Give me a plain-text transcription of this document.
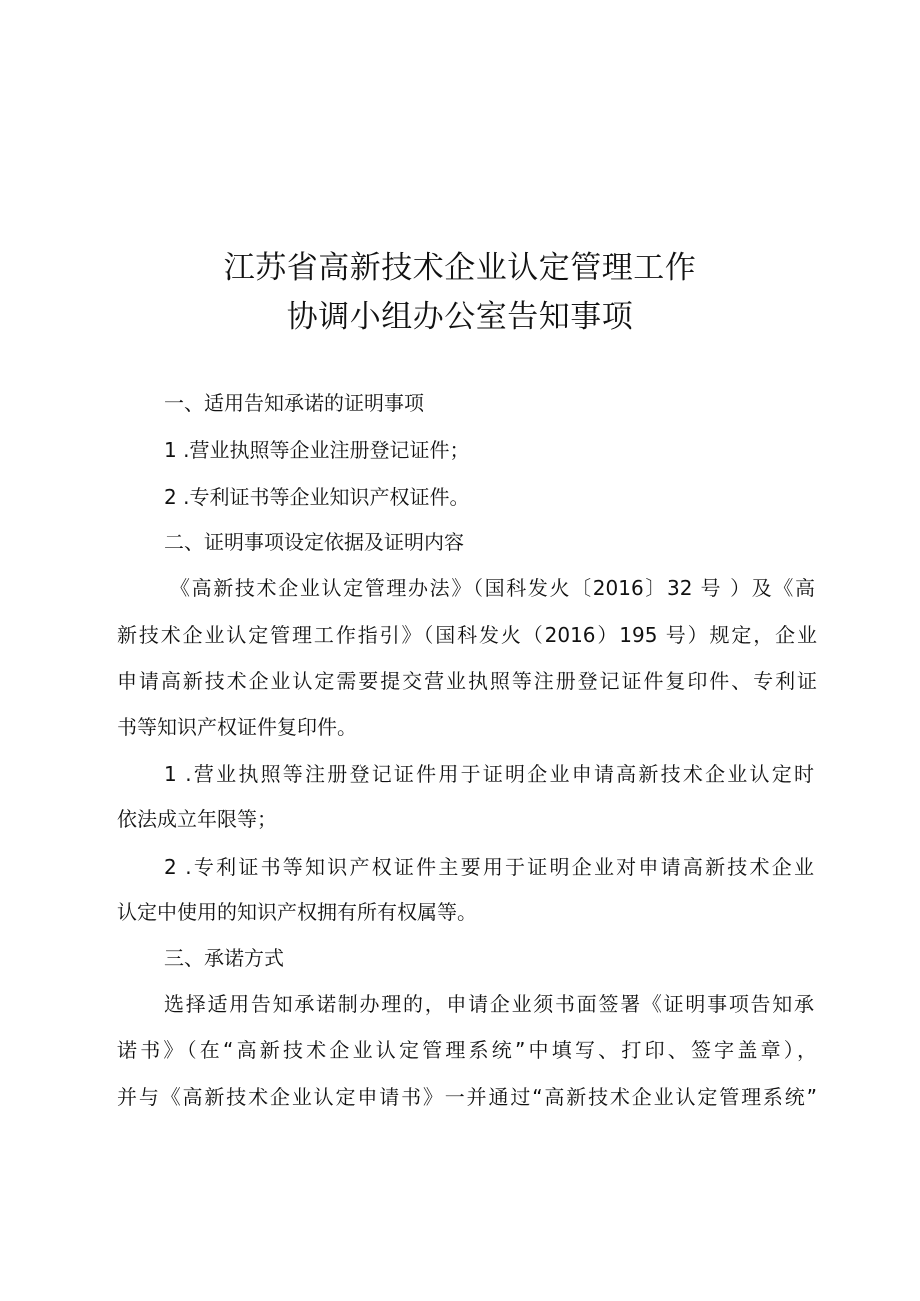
江苏省高新技术企业认定管理工作
协调小组办公室告知事项
一、适用告知承诺的证明事项
1 .营业执照等企业注册登记证件；
2 .专利证书等企业知识产权证件。
二、证明事项设定依据及证明内容
《高新技术企业认定管理办法》（国科发火〔2016〕32 号 ）及《高
新技术企业认定管理工作指引》（国科发火（2016）195 号）规定，企业
申请高新技术企业认定需要提交营业执照等注册登记证件复印件、专利证
书等知识产权证件复印件。
1 .营业执照等注册登记证件用于证明企业申请高新技术企业认定时
依法成立年限等；
2 .专利证书等知识产权证件主要用于证明企业对申请高新技术企业
认定中使用的知识产权拥有所有权属等。
三、承诺方式
选择适用告知承诺制办理的，申请企业须书面签署《证明事项告知承
诺书》（在“高新技术企业认定管理系统”中填写、打印、签字盖章），
并与《高新技术企业认定申请书》一并通过“高新技术企业认定管理系统”
